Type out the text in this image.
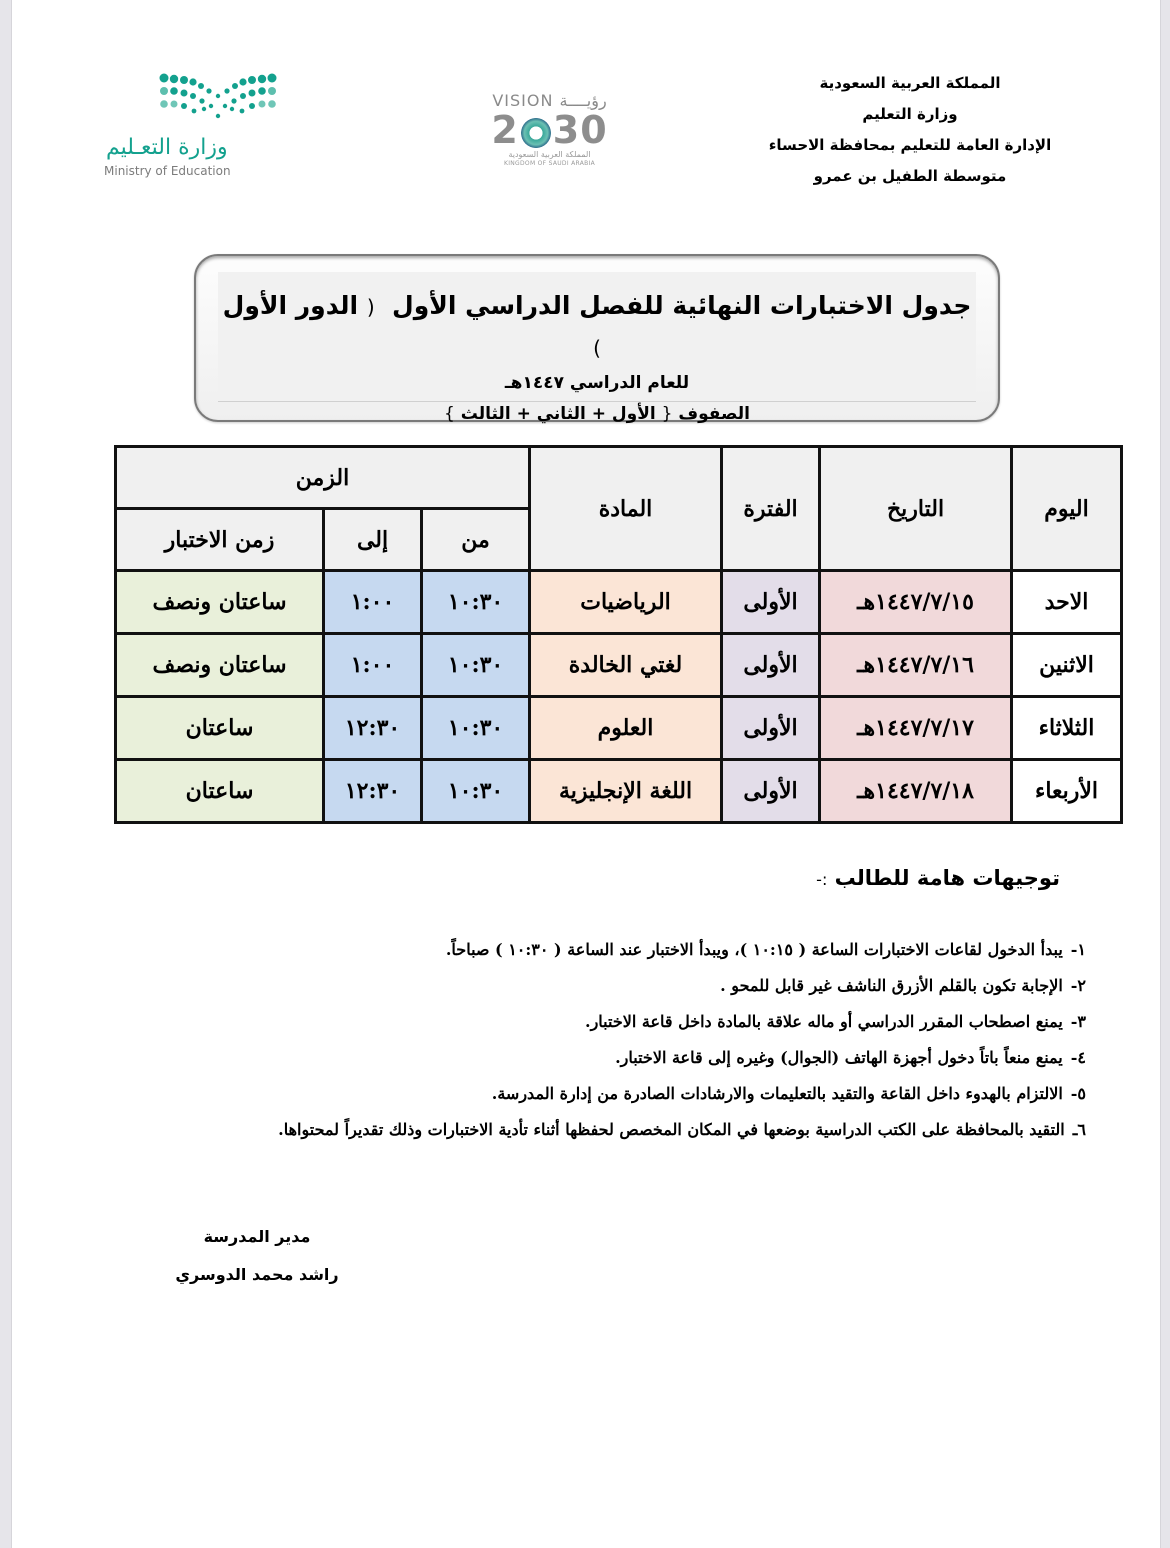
المملكة العربية السعودية
وزارة التعليم
الإدارة العامة للتعليم بمحافظة الاحساء
متوسطة الطفيل بن عمرو
VISION رؤيــــة
2 30
المملكة العربية السعودية
KINGDOM OF SAUDI ARABIA
وزارة التعـليم
Ministry of Education
جدول الاختبارات النهائية للفصل الدراسي الأول  ( الدور الأول )
للعام الدراسي ١٤٤٧هـ
الصفوف { الأول + الثاني + الثالث }
اليوم	التاريخ	الفترة	المادة	الزمن		
				من	إلى	زمن الاختبار
الاحد	١٤٤٧/٧/١٥هـ	الأولى	الرياضيات	١٠:٣٠	١:٠٠	ساعتان ونصف
الاثنين	١٤٤٧/٧/١٦هـ	الأولى	لغتي الخالدة	١٠:٣٠	١:٠٠	ساعتان ونصف
الثلاثاء	١٤٤٧/٧/١٧هـ	الأولى	العلوم	١٠:٣٠	١٢:٣٠	ساعتان
الأربعاء	١٤٤٧/٧/١٨هـ	الأولى	اللغة الإنجليزية	١٠:٣٠	١٢:٣٠	ساعتان
توجيهات هامة للطالب :-
١-يبدأ الدخول لقاعات الاختبارات الساعة ( ١٠:١٥ )، ويبدأ الاختبار عند الساعة ( ١٠:٣٠ ) صباحاً.
٢-الإجابة تكون بالقلم الأزرق الناشف غير قابل للمحو .
٣-يمنع اصطحاب المقرر الدراسي أو ماله علاقة بالمادة داخل قاعة الاختبار.
٤-يمنع منعاً باتاً دخول أجهزة الهاتف (الجوال) وغيره إلى قاعة الاختبار.
٥-الالتزام بالهدوء داخل القاعة والتقيد بالتعليمات والارشادات الصادرة من إدارة المدرسة.
٦ـالتقيد بالمحافظة على الكتب الدراسية بوضعها في المكان المخصص لحفظها أثناء تأدية الاختبارات وذلك تقديراً لمحتواها.
مدير المدرسة
راشد محمد الدوسري
